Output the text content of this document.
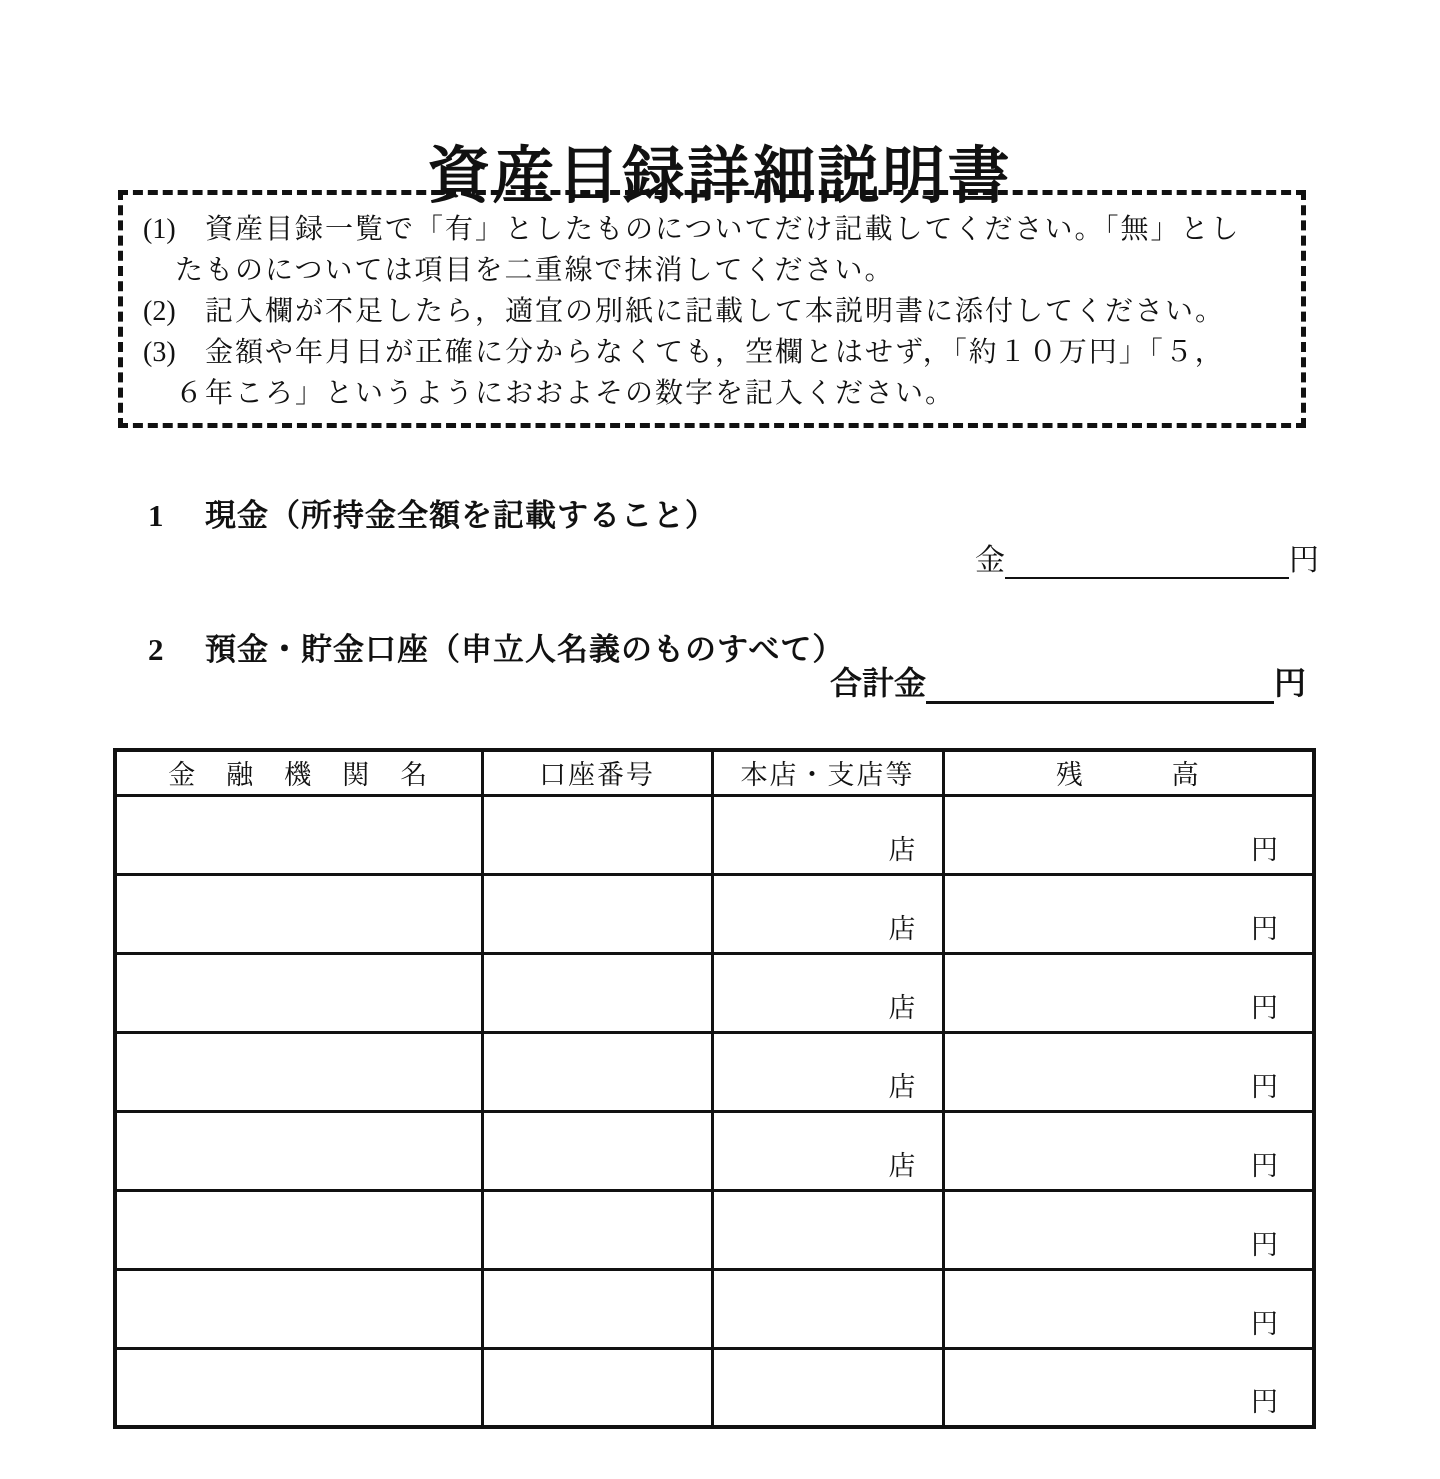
資産目録詳細説明書
(1) 資産目録一覧で「有」としたものについてだけ記載してください。「無」とし
たものについては項目を二重線で抹消してください。
(2) 記入欄が不足したら，適宜の別紙に記載して本説明書に添付してください。
(3) 金額や年月日が正確に分からなくても，空欄とはせず，「約１０万円」「５，
６年ころ」というようにおおよその数字を記入ください。
1 現金（所持金全額を記載すること）
金	円
2 預金・貯金口座（申立人名義のものすべて）
合計金	円
金　融　機　関　名	口座番号	本店・支店等	残　　　高
		店	円
		店	円
		店	円
		店	円
		店	円
			円
			円
			円
